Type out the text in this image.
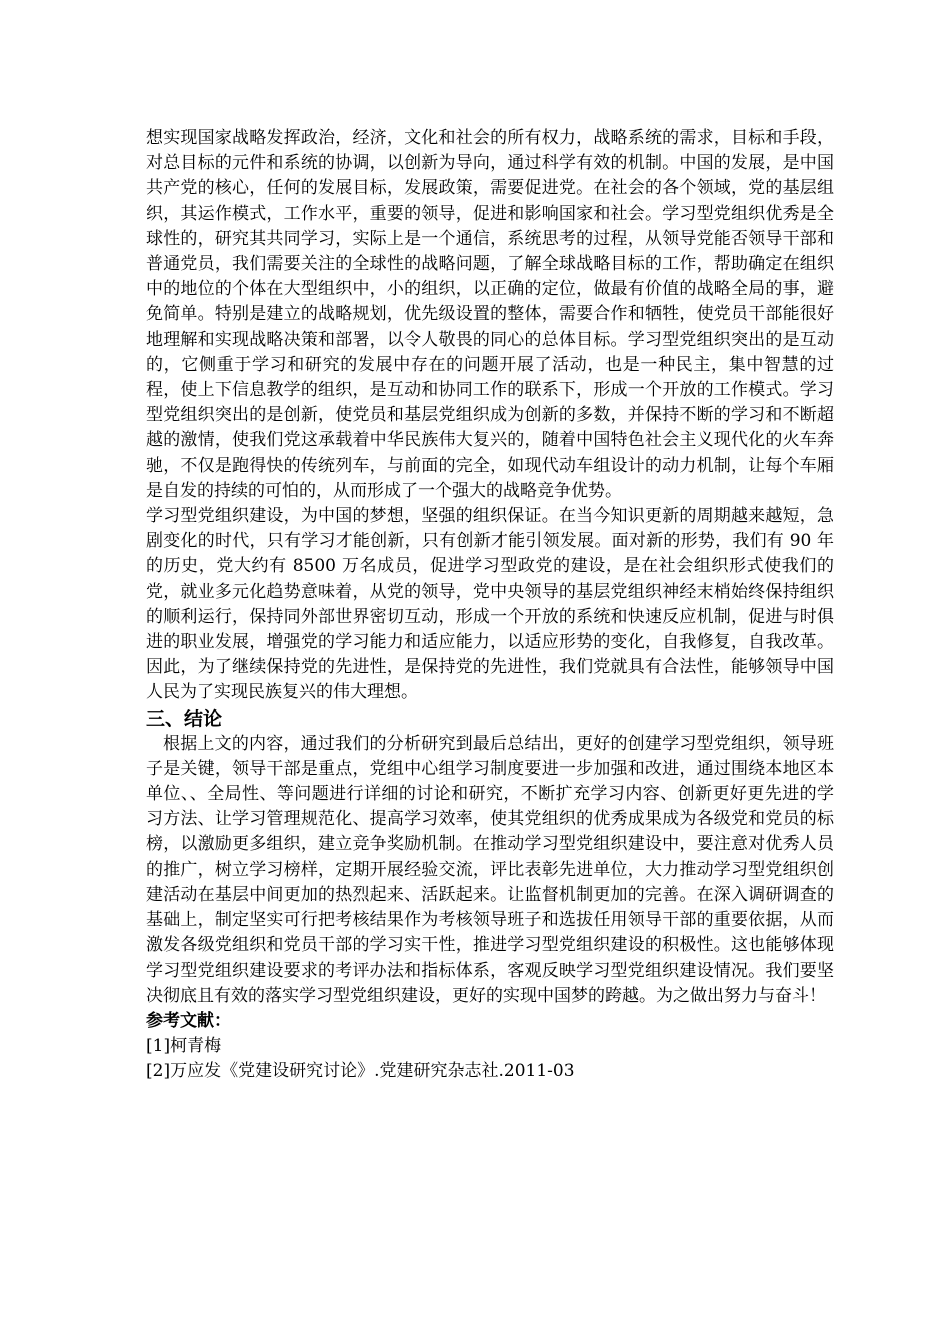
想实现国家战略发挥政治，经济，文化和社会的所有权力，战略系统的需求，目标和手段，对总目标的元件和系统的协调，以创新为导向，通过科学有效的机制。中国的发展，是中国共产党的核心，任何的发展目标，发展政策，需要促进党。在社会的各个领域，党的基层组织，其运作模式，工作水平，重要的领导，促进和影响国家和社会。学习型党组织优秀是全球性的，研究其共同学习，实际上是一个通信，系统思考的过程，从领导党能否领导干部和普通党员，我们需要关注的全球性的战略问题，了解全球战略目标的工作，帮助确定在组织中的地位的个体在大型组织中，小的组织，以正确的定位，做最有价值的战略全局的事，避免简单。特别是建立的战略规划，优先级设置的整体，需要合作和牺牲，使党员干部能很好地理解和实现战略决策和部署，以令人敬畏的同心的总体目标。学习型党组织突出的是互动的，它侧重于学习和研究的发展中存在的问题开展了活动，也是一种民主，集中智慧的过程，使上下信息教学的组织，是互动和协同工作的联系下，形成一个开放的工作模式。学习型党组织突出的是创新，使党员和基层党组织成为创新的多数，并保持不断的学习和不断超越的激情，使我们党这承载着中华民族伟大复兴的，随着中国特色社会主义现代化的火车奔驰，不仅是跑得快的传统列车，与前面的完全，如现代动车组设计的动力机制，让每个车厢是自发的持续的可怕的，从而形成了一个强大的战略竞争优势。

学习型党组织建设，为中国的梦想，坚强的组织保证。在当今知识更新的周期越来越短，急剧变化的时代，只有学习才能创新，只有创新才能引领发展。面对新的形势，我们有 90 年的历史，党大约有 8500 万名成员，促进学习型政党的建设，是在社会组织形式使我们的党，就业多元化趋势意味着，从党的领导，党中央领导的基层党组织神经末梢始终保持组织的顺利运行，保持同外部世界密切互动，形成一个开放的系统和快速反应机制，促进与时俱进的职业发展，增强党的学习能力和适应能力，以适应形势的变化，自我修复，自我改革。因此，为了继续保持党的先进性，是保持党的先进性，我们党就具有合法性，能够领导中国人民为了实现民族复兴的伟大理想。

三、结论

根据上文的内容，通过我们的分析研究到最后总结出，更好的创建学习型党组织，领导班子是关键，领导干部是重点，党组中心组学习制度要进一步加强和改进，通过围绕本地区本单位、、全局性、等问题进行详细的讨论和研究，不断扩充学习内容、创新更好更先进的学习方法、让学习管理规范化、提高学习效率，使其党组织的优秀成果成为各级党和党员的标榜，以激励更多组织，建立竞争奖励机制。在推动学习型党组织建设中，要注意对优秀人员的推广，树立学习榜样，定期开展经验交流，评比表彰先进单位，大力推动学习型党组织创建活动在基层中间更加的热烈起来、活跃起来。让监督机制更加的完善。在深入调研调查的基础上，制定坚实可行把考核结果作为考核领导班子和选拔任用领导干部的重要依据，从而激发各级党组织和党员干部的学习实干性，推进学习型党组织建设的积极性。这也能够体现学习型党组织建设要求的考评办法和指标体系，客观反映学习型党组织建设情况。我们要坚决彻底且有效的落实学习型党组织建设，更好的实现中国梦的跨越。为之做出努力与奋斗！

参考文献：

[1]柯青梅

[2]万应发《党建设研究讨论》.党建研究杂志社.2011-03
